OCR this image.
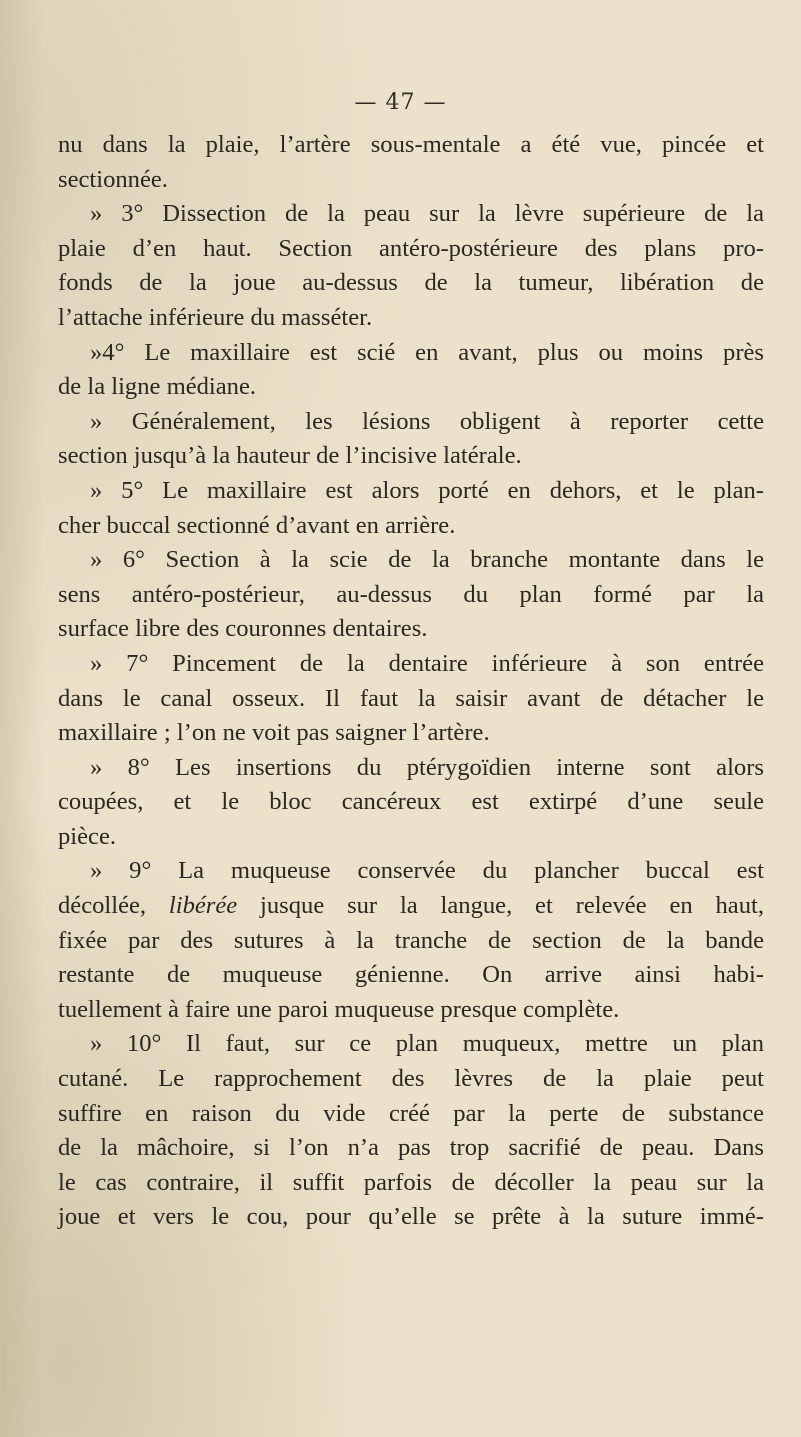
— 47 —
nu dans la plaie, l’artère sous-mentale a été vue, pincée et
sectionnée.
» 3° Dissection de la peau sur la lèvre supérieure de la
plaie d’en haut. Section antéro-postérieure des plans pro-
fonds de la joue au-dessus de la tumeur, libération de
l’attache inférieure du masséter.
»4° Le maxillaire est scié en avant, plus ou moins près
de la ligne médiane.
» Généralement, les lésions obligent à reporter cette
section jusqu’à la hauteur de l’incisive latérale.
» 5° Le maxillaire est alors porté en dehors, et le plan-
cher buccal sectionné d’avant en arrière.
» 6° Section à la scie de la branche montante dans le
sens antéro-postérieur, au-dessus du plan formé par la
surface libre des couronnes dentaires.
» 7° Pincement de la dentaire inférieure à son entrée
dans le canal osseux. Il faut la saisir avant de détacher le
maxillaire ; l’on ne voit pas saigner l’artère.
» 8° Les insertions du ptérygoïdien interne sont alors
coupées, et le bloc cancéreux est extirpé d’une seule
pièce.
» 9° La muqueuse conservée du plancher buccal est
décollée, libérée jusque sur la langue, et relevée en haut,
fixée par des sutures à la tranche de section de la bande
restante de muqueuse génienne. On arrive ainsi habi-
tuellement à faire une paroi muqueuse presque complète.
» 10° Il faut, sur ce plan muqueux, mettre un plan
cutané. Le rapprochement des lèvres de la plaie peut
suffire en raison du vide créé par la perte de substance
de la mâchoire, si l’on n’a pas trop sacrifié de peau. Dans
le cas contraire, il suffit parfois de décoller la peau sur la
joue et vers le cou, pour qu’elle se prête à la suture immé-
